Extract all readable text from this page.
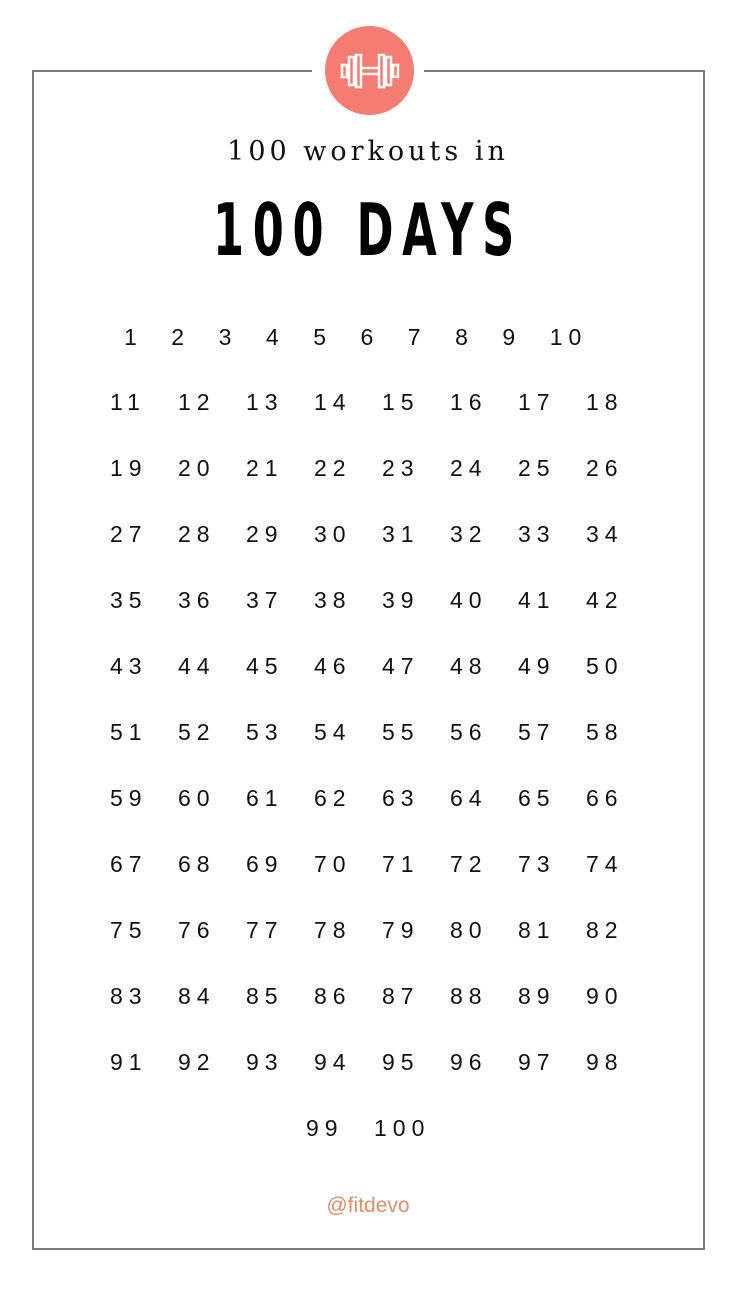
100 workouts in
100 DAYS
1 2 3 4 5 6 7 8 9 10
11 12 13 14 15 16 17 18
19 20 21 22 23 24 25 26
27 28 29 30 31 32 33 34
35 36 37 38 39 40 41 42
43 44 45 46 47 48 49 50
51 52 53 54 55 56 57 58
59 60 61 62 63 64 65 66
67 68 69 70 71 72 73 74
75 76 77 78 79 80 81 82
83 84 85 86 87 88 89 90
91 92 93 94 95 96 97 98
99 100
@fitdevo
